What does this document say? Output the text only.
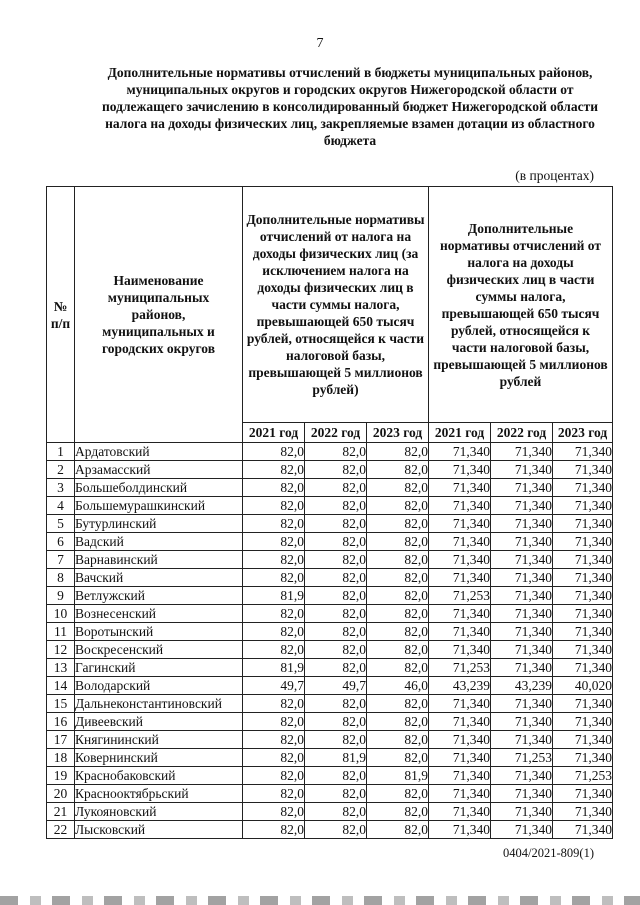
7
Дополнительные нормативы отчислений в бюджеты муниципальных районов, муниципальных округов и городских округов Нижегородской области от подлежащего зачислению в консолидированный бюджет Нижегородской области налога на доходы физических лиц, закрепляемые взамен дотации из областного бюджета
(в процентах)
№ п/п	Наименование муниципальных районов, муниципальных и городских округов	Дополнительные нормативы отчислений от налога на доходы физических лиц (за исключением налога на доходы физических лиц в части суммы налога, превышающей 650 тысяч рублей, относящейся к части налоговой базы, превышающей 5 миллионов рублей)			Дополнительные нормативы отчислений от налога на доходы физических лиц в части суммы налога, превышающей 650 тысяч рублей, относящейся к части налоговой базы, превышающей 5 миллионов рублей		
		2021 год	2022 год	2023 год	2021 год	2022 год	2023 год
1	Ардатовский	82,0	82,0	82,0	71,340	71,340	71,340
2	Арзамасский	82,0	82,0	82,0	71,340	71,340	71,340
3	Большеболдинский	82,0	82,0	82,0	71,340	71,340	71,340
4	Большемурашкинский	82,0	82,0	82,0	71,340	71,340	71,340
5	Бутурлинский	82,0	82,0	82,0	71,340	71,340	71,340
6	Вадский	82,0	82,0	82,0	71,340	71,340	71,340
7	Варнавинский	82,0	82,0	82,0	71,340	71,340	71,340
8	Вачский	82,0	82,0	82,0	71,340	71,340	71,340
9	Ветлужский	81,9	82,0	82,0	71,253	71,340	71,340
10	Вознесенский	82,0	82,0	82,0	71,340	71,340	71,340
11	Воротынский	82,0	82,0	82,0	71,340	71,340	71,340
12	Воскресенский	82,0	82,0	82,0	71,340	71,340	71,340
13	Гагинский	81,9	82,0	82,0	71,253	71,340	71,340
14	Володарский	49,7	49,7	46,0	43,239	43,239	40,020
15	Дальнеконстантиновский	82,0	82,0	82,0	71,340	71,340	71,340
16	Дивеевский	82,0	82,0	82,0	71,340	71,340	71,340
17	Княгининский	82,0	82,0	82,0	71,340	71,340	71,340
18	Ковернинский	82,0	81,9	82,0	71,340	71,253	71,340
19	Краснобаковский	82,0	82,0	81,9	71,340	71,340	71,253
20	Краснооктябрьский	82,0	82,0	82,0	71,340	71,340	71,340
21	Лукояновский	82,0	82,0	82,0	71,340	71,340	71,340
22	Лысковский	82,0	82,0	82,0	71,340	71,340	71,340
0404/2021-809(1)
